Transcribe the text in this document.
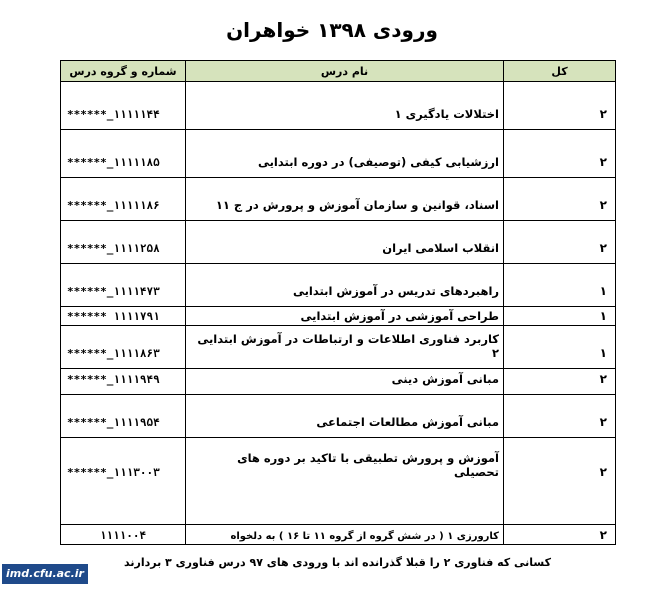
ورودی ۱۳۹۸ خواهران
کل	نام درس	شماره و گروه درس
۲	اختلالات یادگیری ۱	******_۱۱۱۱۱۴۴
۲	ارزشیابی کیفی (توصیفی) در دوره ابتدایی	******_۱۱۱۱۱۸۵
۲	اسناد، قوانین و سازمان آموزش و پرورش در ج ۱۱	******_۱۱۱۱۱۸۶
۲	انقلاب اسلامی ایران	******_۱۱۱۱۲۵۸
۱	راهبردهای تدریس در آموزش ابتدایی	******_۱۱۱۱۴۷۳
۱	طراحی آموزشی در آموزش ابتدایی	****** ۱۱۱۱۷۹۱
۱	کاربرد فناوری اطلاعات و ارتباطات در آموزش ابتدایی ۲	******_۱۱۱۱۸۶۳
۲	مبانی آموزش دینی	******_۱۱۱۱۹۴۹
۲	مبانی آموزش مطالعات اجتماعی	******_۱۱۱۱۹۵۴
۲	آموزش و پرورش تطبیقی با تاکید بر دوره های تحصیلی	******_۱۱۱۳۰۰۳
۲	کارورزی ۱ ( در شش گروه از گروه ۱۱ تا ۱۶ ) به دلخواه	۱۱۱۱۰۰۴
کسانی که فناوری ۲ را قبلا گذرانده اند با ورودی های ۹۷ درس فناوری ۳ بردارند
imd.cfu.ac.ir
